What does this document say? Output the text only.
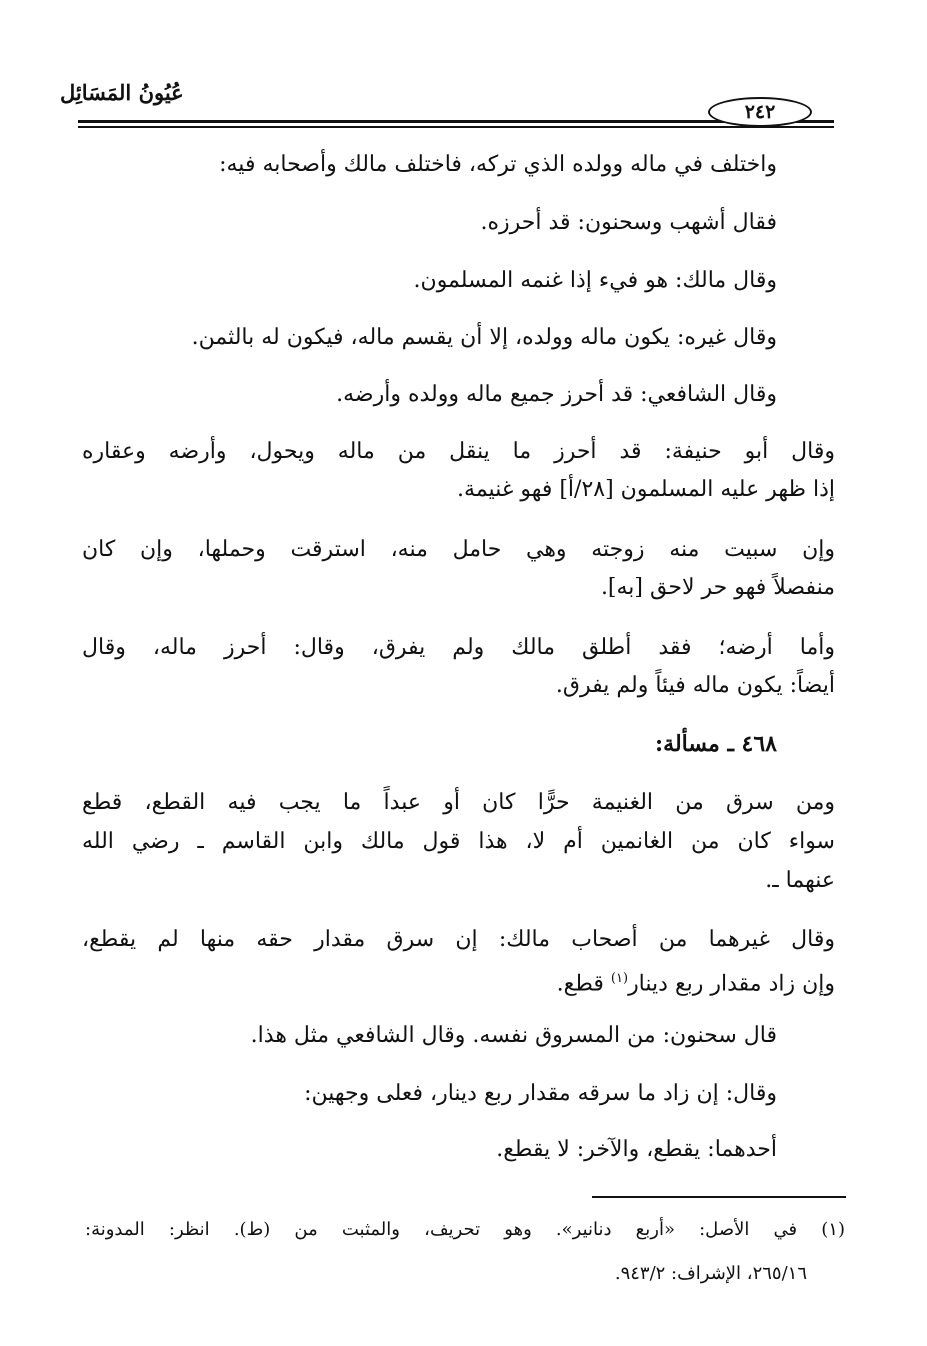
عُيُونُ المَسَائِل
٢٤٢
واختلف في ماله وولده الذي تركه، فاختلف مالك وأصحابه فيه:
فقال أشهب وسحنون: قد أحرزه.
وقال مالك: هو فيء إذا غنمه المسلمون.
وقال غيره: يكون ماله وولده، إلا أن يقسم ماله، فيكون له بالثمن.
وقال الشافعي: قد أحرز جميع ماله وولده وأرضه.
وقال أبو حنيفة: قد أحرز ما ينقل من ماله ويحول، وأرضه وعقاره
إذا ظهر عليه المسلمون [٢٨/أ] فهو غنيمة.
وإن سبيت منه زوجته وهي حامل منه، استرقت وحملها، وإن كان
منفصلاً فهو حر لاحق [به].
وأما أرضه؛ فقد أطلق مالك ولم يفرق، وقال: أحرز ماله، وقال
أيضاً: يكون ماله فيئاً ولم يفرق.
٤٦٨ ـ مسألة:
ومن سرق من الغنيمة حرًّا كان أو عبداً ما يجب فيه القطع، قطع
سواء كان من الغانمين أم لا، هذا قول مالك وابن القاسم ـ رضي الله
عنهما ـ.
وقال غيرهما من أصحاب مالك: إن سرق مقدار حقه منها لم يقطع،
وإن زاد مقدار ربع دينار$^{(١)}$ قطع.
قال سحنون: من المسروق نفسه. وقال الشافعي مثل هذا.
وقال: إن زاد ما سرقه مقدار ربع دينار، فعلى وجهين:
أحدهما: يقطع، والآخر: لا يقطع.
(١) في الأصل: «أربع دنانير». وهو تحريف، والمثبت من (ط). انظر: المدونة:
٢٦٥/١٦، الإشراف: ٩٤٣/٢.
